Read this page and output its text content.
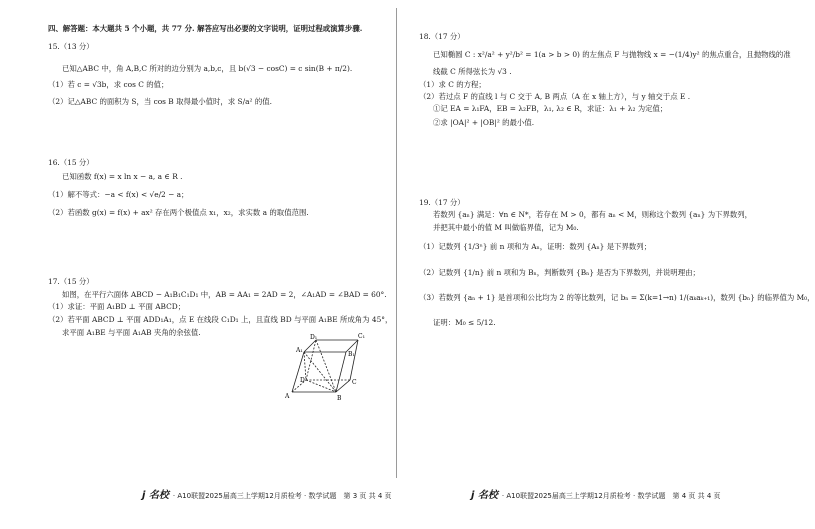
四、解答题：本大题共 5 个小题，共 77 分. 解答应写出必要的文字说明，证明过程或演算步骤.
15.（13 分）
已知△ABC 中，角 A,B,C 所对的边分别为 a,b,c，且 b(√3 − cosC) = c sin(B + π/2).
（1）若 c = √3b，求 cos C 的值；
（2）记△ABC 的面积为 S，当 cos B 取得最小值时，求 S/a² 的值.
16.（15 分）
已知函数 f(x) = x ln x − a, a ∈ R .
（1）解不等式：−a < f(x) < √e/2 − a；
（2）若函数 g(x) = f(x) + ax² 存在两个极值点 x₁，x₂，求实数 a 的取值范围.
17.（15 分）
如图，在平行六面体 ABCD − A₁B₁C₁D₁ 中，AB = AA₁ = 2AD = 2，∠A₁AD = ∠BAD = 60°.
（1）求证：平面 A₁BD ⊥ 平面 ABCD；
（2）若平面 ABCD ⊥ 平面 ADD₁A₁，点 E 在线段 C₁D₁ 上，且直线 BD 与平面 A₁BE 所成角为 45°，
求平面 A₁BE 与平面 A₁AB 夹角的余弦值.
D₁	C₁
A₁
B₁
D	C
A	B
j 名校 · A10联盟2025届高三上学期12月质检考 · 数学试题　第 3 页 共 4 页
18.（17 分）
已知椭圆 C : x²/a² + y²/b² = 1(a > b > 0) 的左焦点 F 与抛物线 x = −(1/4)y² 的焦点重合，且抛物线的准
线截 C 所得弦长为 √3 .
（1）求 C 的方程；
（2）若过点 F 的直线 l 与 C 交于 A, B 两点（A 在 x 轴上方），与 y 轴交于点 E .
①记 EA = λ₁FA，EB = λ₂FB，λ₁, λ₂ ∈ R，求证：λ₁ + λ₂ 为定值；
②求 |OA|² + |OB|² 的最小值.
19.（17 分）
若数列 {aₙ} 满足：∀n ∈ N*，若存在 M > 0，都有 aₙ < M，则称这个数列 {aₙ} 为下界数列，
并把其中最小的值 M 叫做临界值，记为 M₀.
（1）记数列 {1/3ⁿ} 前 n 项和为 Aₙ，证明：数列 {Aₙ} 是下界数列；
（2）记数列 {1/n} 前 n 项和为 Bₙ，判断数列 {Bₙ} 是否为下界数列，并说明理由；
（3）若数列 {aₙ + 1} 是首项和公比均为 2 的等比数列，记 bₙ = Σ(k=1→n) 1/(aₖaₖ₊₁)，数列 {bₙ} 的临界值为 M₀，
证明：M₀ ≤ 5/12.
j 名校 · A10联盟2025届高三上学期12月质检考 · 数学试题　第 4 页 共 4 页
